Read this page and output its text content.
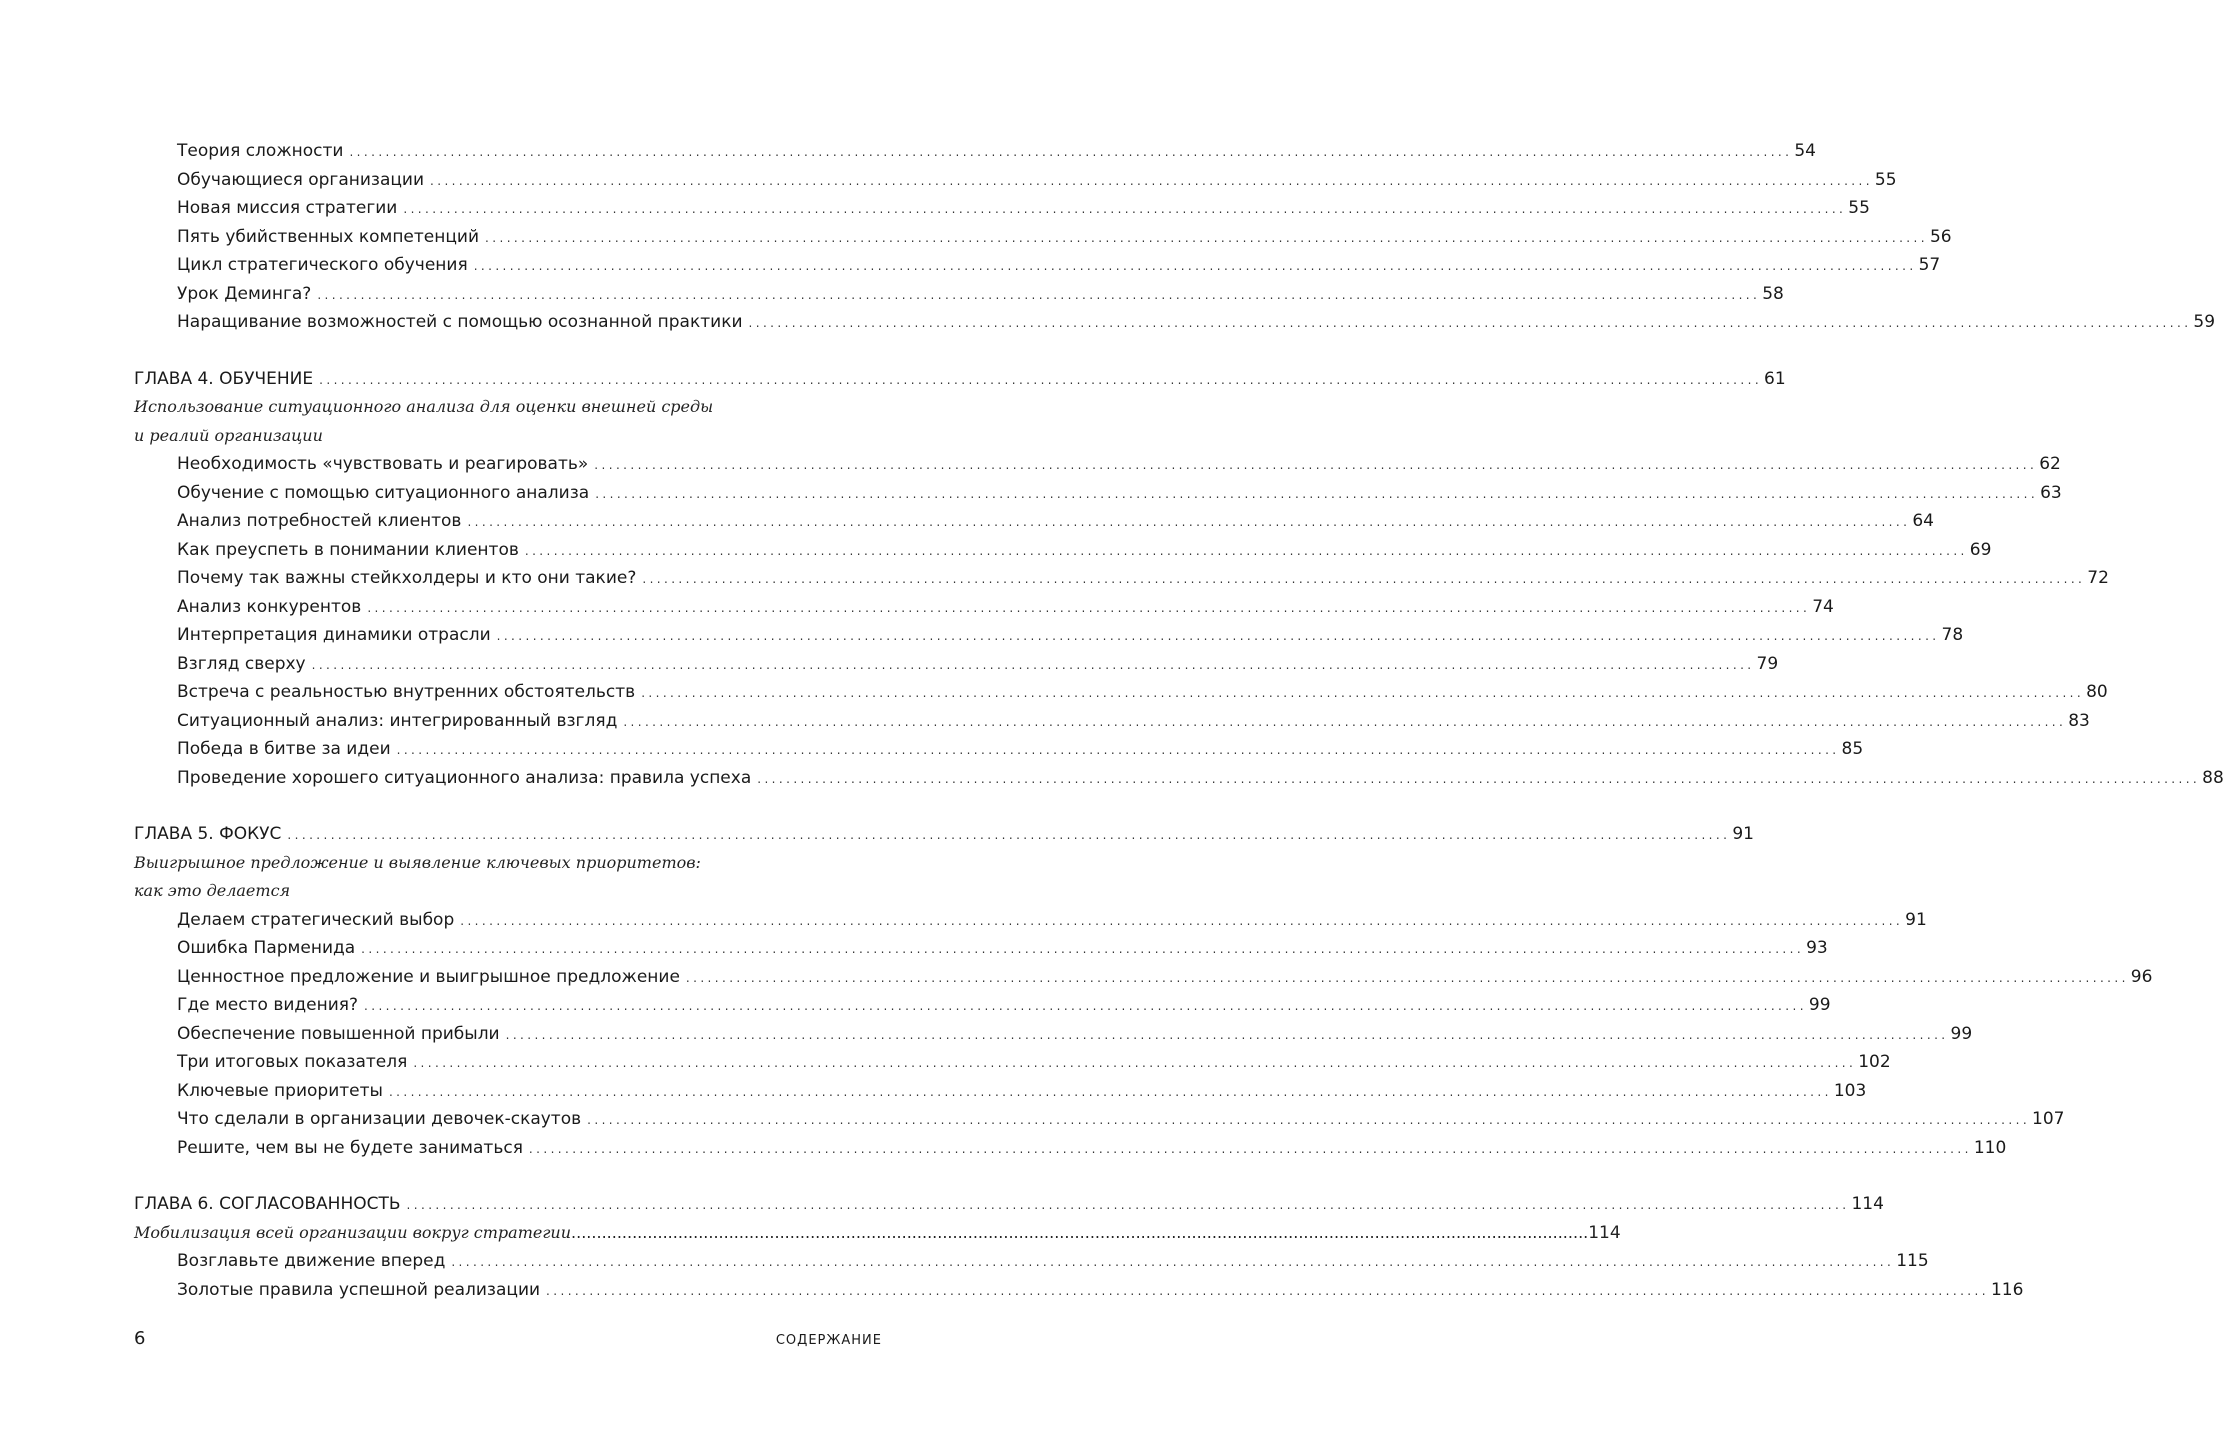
Теория сложности ........................................................................................................................................................................................................ 54
Обучающиеся организации ........................................................................................................................................................................................................ 55
Новая миссия стратегии ........................................................................................................................................................................................................ 55
Пять убийственных компетенций ........................................................................................................................................................................................................ 56
Цикл стратегического обучения ........................................................................................................................................................................................................ 57
Урок Деминга? ........................................................................................................................................................................................................ 58
Наращивание возможностей с помощью осознанной практики ........................................................................................................................................................................................................ 59
ГЛАВА 4. ОБУЧЕНИЕ ........................................................................................................................................................................................................ 61
Использование ситуационного анализа для оценки внешней среды
и реалий организации
Необходимость «чувствовать и реагировать» ........................................................................................................................................................................................................ 62
Обучение с помощью ситуационного анализа ........................................................................................................................................................................................................ 63
Анализ потребностей клиентов ........................................................................................................................................................................................................ 64
Как преуспеть в понимании клиентов ........................................................................................................................................................................................................ 69
Почему так важны стейкхолдеры и кто они такие? ........................................................................................................................................................................................................ 72
Анализ конкурентов ........................................................................................................................................................................................................ 74
Интерпретация динамики отрасли ........................................................................................................................................................................................................ 78
Взгляд сверху ........................................................................................................................................................................................................ 79
Встреча с реальностью внутренних обстоятельств ........................................................................................................................................................................................................ 80
Ситуационный анализ: интегрированный взгляд ........................................................................................................................................................................................................ 83
Победа в битве за идеи ........................................................................................................................................................................................................ 85
Проведение хорошего ситуационного анализа: правила успеха ........................................................................................................................................................................................................ 88
ГЛАВА 5. ФОКУС ........................................................................................................................................................................................................ 91
Выигрышное предложение и выявление ключевых приоритетов:
как это делается
Делаем стратегический выбор ........................................................................................................................................................................................................ 91
Ошибка Парменида ........................................................................................................................................................................................................ 93
Ценностное предложение и выигрышное предложение ........................................................................................................................................................................................................ 96
Где место видения? ........................................................................................................................................................................................................ 99
Обеспечение повышенной прибыли ........................................................................................................................................................................................................ 99
Три итоговых показателя ........................................................................................................................................................................................................ 102
Ключевые приоритеты ........................................................................................................................................................................................................ 103
Что сделали в организации девочек-скаутов ........................................................................................................................................................................................................ 107
Решите, чем вы не будете заниматься ........................................................................................................................................................................................................ 110
ГЛАВА 6. СОГЛАСОВАННОСТЬ ........................................................................................................................................................................................................ 114
Мобилизация всей организации вокруг стратегии ........................................................................................................................................................................................................ 114
Возглавьте движение вперед ........................................................................................................................................................................................................ 115
Золотые правила успешной реализации ........................................................................................................................................................................................................ 116
6	СОДЕРЖАНИЕ
